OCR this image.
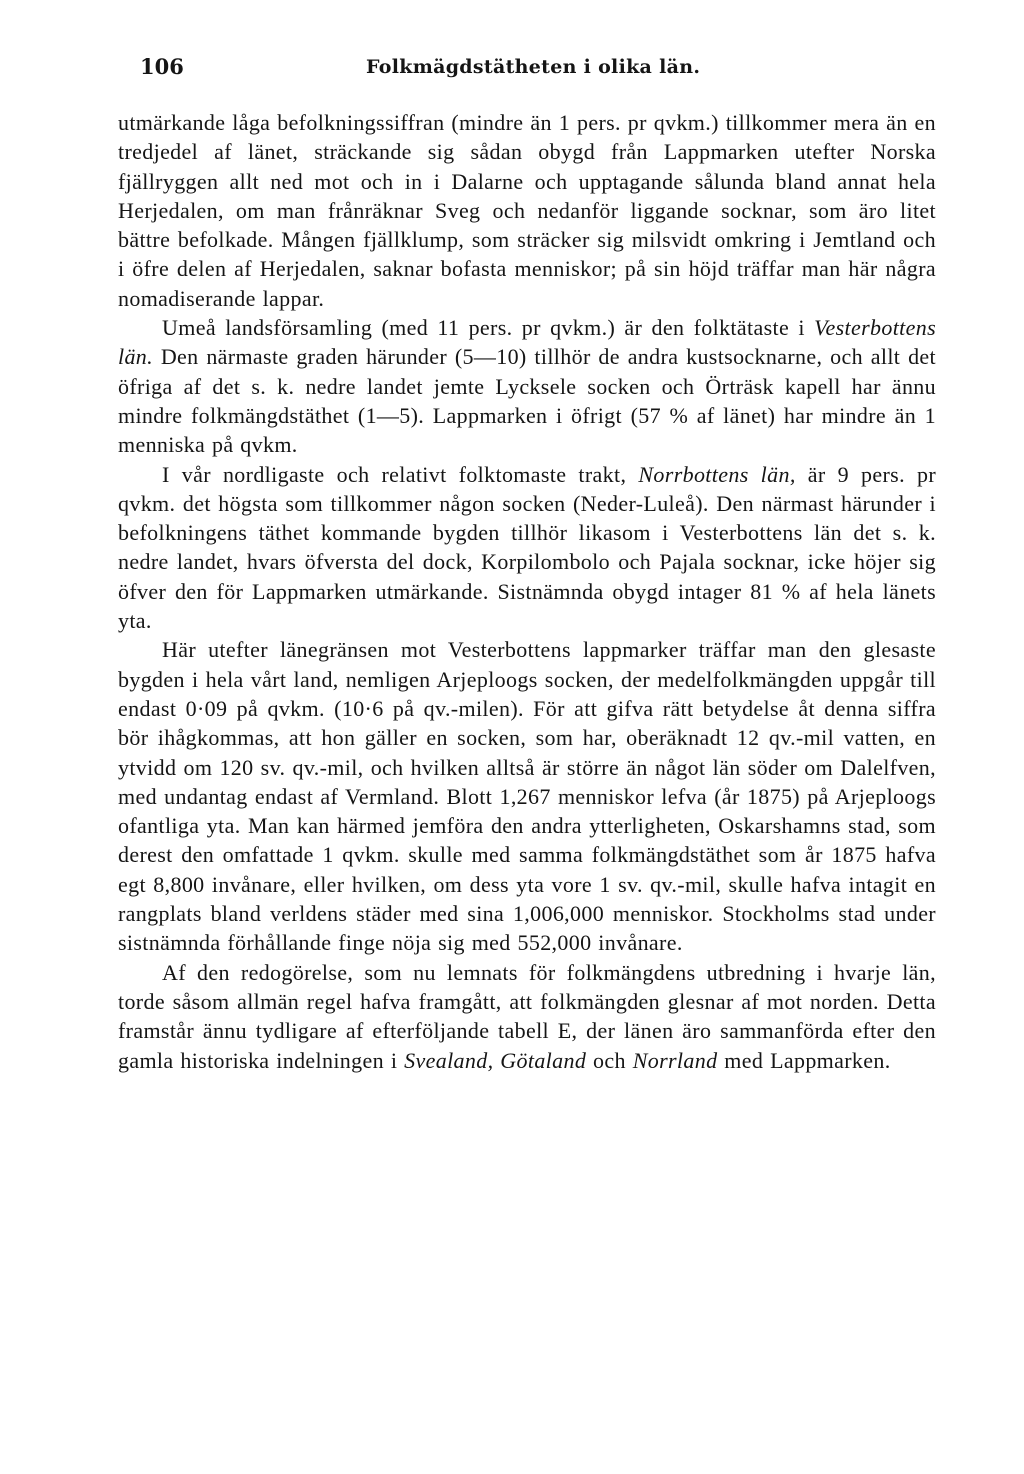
106	Folkmägdstätheten i olika län.

utmärkande låga befolkningssiffran (mindre än 1 pers. pr qvkm.) tillkommer mera än en tredjedel af länet, sträckande sig sådan obygd från Lappmarken utefter Norska fjällryggen allt ned mot och in i Dalarne och upptagande sålunda bland annat hela Herjedalen, om man frånräknar Sveg och nedanför liggande socknar, som äro litet bättre befolkade. Mången fjällklump, som sträcker sig milsvidt omkring i Jemtland och i öfre delen af Herjedalen, saknar bofasta menniskor; på sin höjd träffar man här några nomadiserande lappar.

Umeå landsförsamling (med 11 pers. pr qvkm.) är den folktätaste i Vesterbottens län. Den närmaste graden härunder (5—10) tillhör de andra kustsocknarne, och allt det öfriga af det s. k. nedre landet jemte Lycksele socken och Örträsk kapell har ännu mindre folkmängdstäthet (1—5). Lappmarken i öfrigt (57 % af länet) har mindre än 1 menniska på qvkm.

I vår nordligaste och relativt folktomaste trakt, Norrbottens län, är 9 pers. pr qvkm. det högsta som tillkommer någon socken (Neder-Luleå). Den närmast härunder i befolkningens täthet kommande bygden tillhör likasom i Vesterbottens län det s. k. nedre landet, hvars öfversta del dock, Korpilombolo och Pajala socknar, icke höjer sig öfver den för Lappmarken utmärkande. Sistnämnda obygd intager 81 % af hela länets yta.

Här utefter länegränsen mot Vesterbottens lappmarker träffar man den glesaste bygden i hela vårt land, nemligen Arjeploogs socken, der medelfolkmängden uppgår till endast 0·09 på qvkm. (10·6 på qv.-milen). För att gifva rätt betydelse åt denna siffra bör ihågkommas, att hon gäller en socken, som har, oberäknadt 12 qv.-mil vatten, en ytvidd om 120 sv. qv.-mil, och hvilken alltså är större än något län söder om Dalelfven, med undantag endast af Vermland. Blott 1,267 menniskor lefva (år 1875) på Arjeploogs ofantliga yta. Man kan härmed jemföra den andra ytterligheten, Oskarshamns stad, som derest den omfattade 1 qvkm. skulle med samma folkmängdstäthet som år 1875 hafva egt 8,800 invånare, eller hvilken, om dess yta vore 1 sv. qv.-mil, skulle hafva intagit en rangplats bland verldens städer med sina 1,006,000 menniskor. Stockholms stad under sistnämnda förhållande finge nöja sig med 552,000 invånare.

Af den redogörelse, som nu lemnats för folkmängdens utbredning i hvarje län, torde såsom allmän regel hafva framgått, att folkmängden glesnar af mot norden. Detta framstår ännu tydligare af efterföljande tabell E, der länen äro sammanförda efter den gamla historiska indelningen i Svealand, Götaland och Norrland med Lappmarken.
